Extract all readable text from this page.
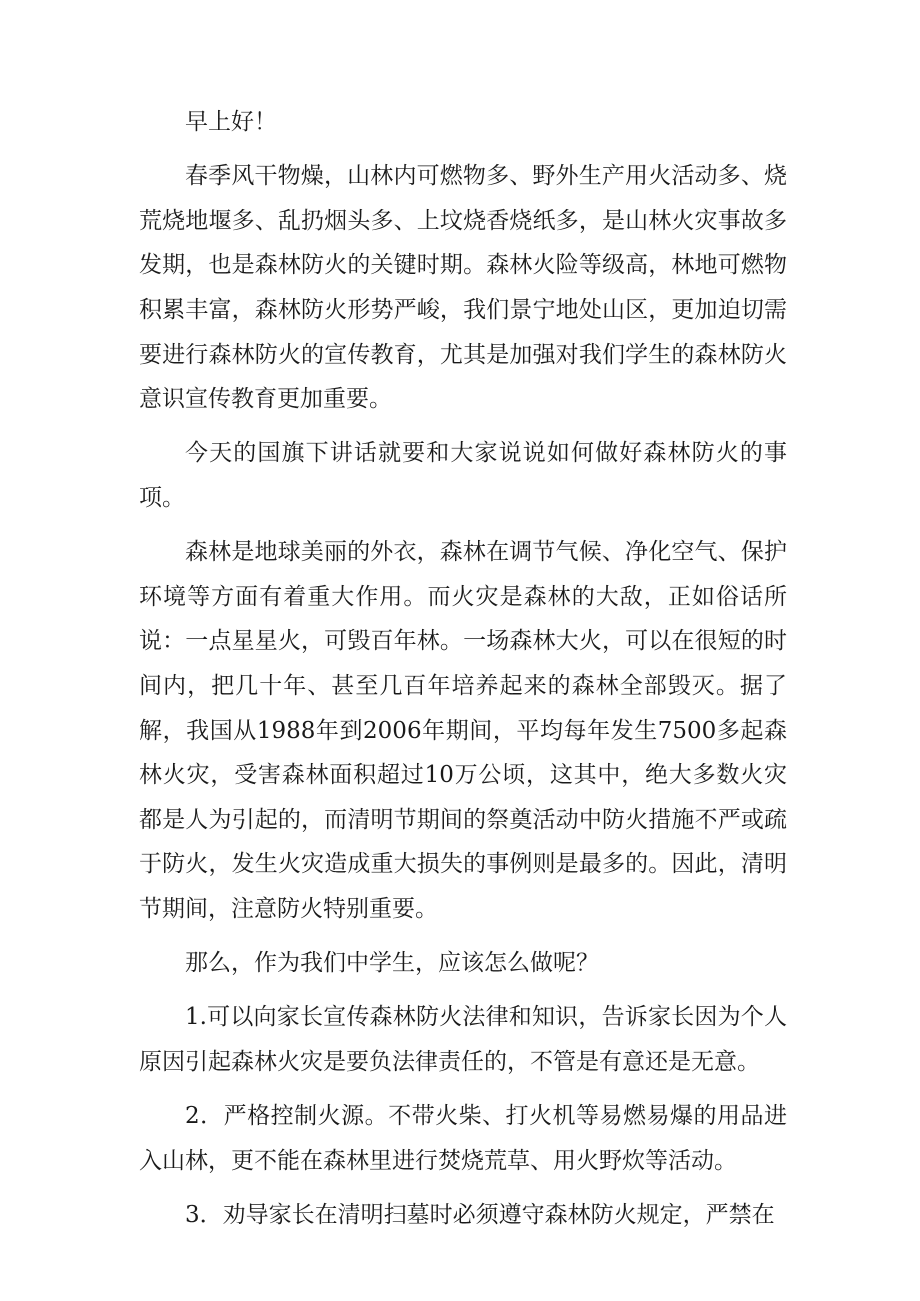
早上好！

春季风干物燥，山林内可燃物多、野外生产用火活动多、烧荒烧地堰多、乱扔烟头多、上坟烧香烧纸多，是山林火灾事故多发期，也是森林防火的关键时期。森林火险等级高，林地可燃物积累丰富，森林防火形势严峻，我们景宁地处山区，更加迫切需要进行森林防火的宣传教育，尤其是加强对我们学生的森林防火意识宣传教育更加重要。

今天的国旗下讲话就要和大家说说如何做好森林防火的事项。

森林是地球美丽的外衣，森林在调节气候、净化空气、保护环境等方面有着重大作用。而火灾是森林的大敌，正如俗话所说：一点星星火，可毁百年林。一场森林大火，可以在很短的时间内，把几十年、甚至几百年培养起来的森林全部毁灭。据了解，我国从1988年到2006年期间，平均每年发生7500多起森林火灾，受害森林面积超过10万公顷，这其中，绝大多数火灾都是人为引起的，而清明节期间的祭奠活动中防火措施不严或疏于防火，发生火灾造成重大损失的事例则是最多的。因此，清明节期间，注意防火特别重要。

那么，作为我们中学生，应该怎么做呢？

1.可以向家长宣传森林防火法律和知识，告诉家长因为个人原因引起森林火灾是要负法律责任的，不管是有意还是无意。

2．严格控制火源。不带火柴、打火机等易燃易爆的用品进入山林，更不能在森林里进行焚烧荒草、用火野炊等活动。

3．劝导家长在清明扫墓时必须遵守森林防火规定，严禁在
